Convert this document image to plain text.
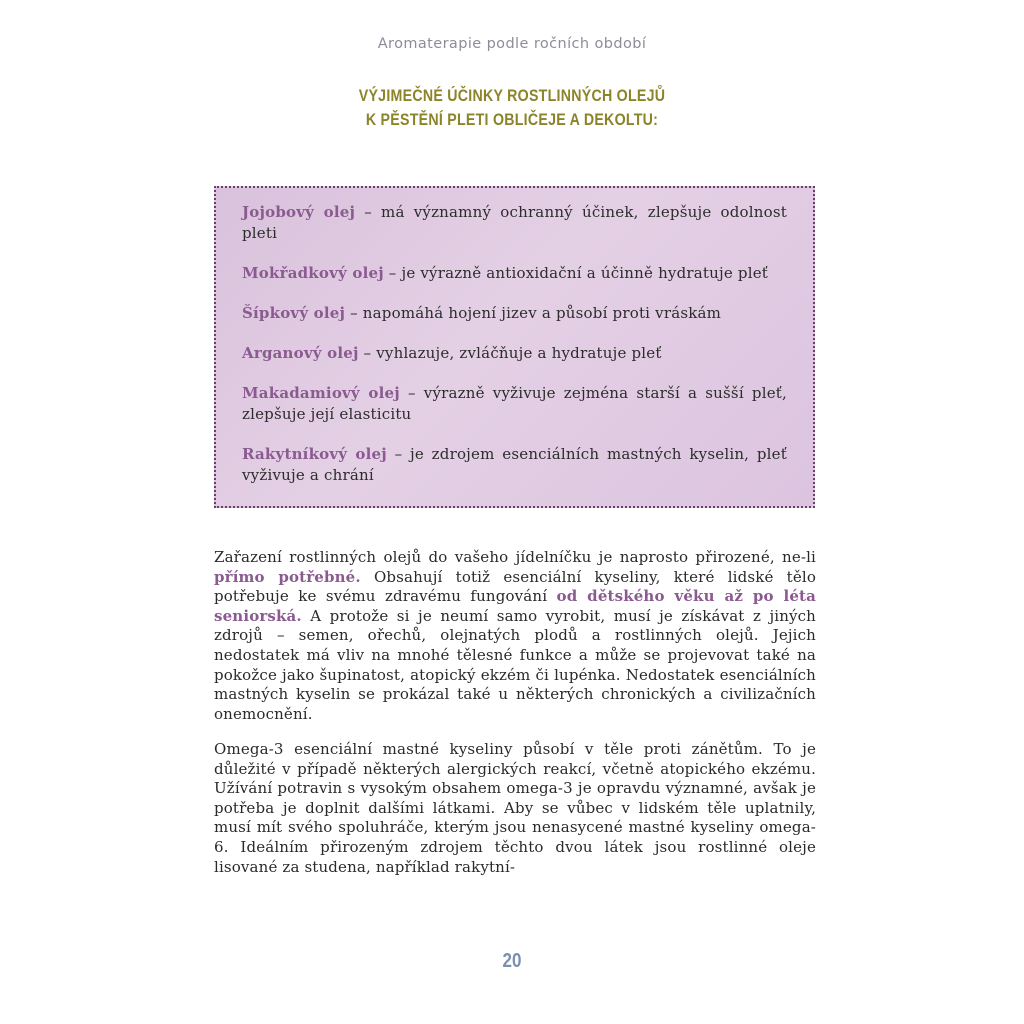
Aromaterapie podle ročních období
VÝJIMEČNÉ ÚČINKY ROSTLINNÝCH OLEJŮ
K PĚSTĚNÍ PLETI OBLIČEJE A DEKOLTU:

Jojobový olej – má významný ochranný účinek, zlepšuje odolnost pleti

Mokřadkový olej – je výrazně antioxidační a účinně hydratuje pleť

Šípkový olej – napomáhá hojení jizev a působí proti vráskám

Arganový olej – vyhlazuje, zvláčňuje a hydratuje pleť

Makadamiový olej – výrazně vyživuje zejména starší a sušší pleť, zlepšuje její elasticitu

Rakytníkový olej – je zdrojem esenciálních mastných kyselin, pleť vyživuje a chrání

Zařazení rostlinných olejů do vašeho jídelníčku je naprosto přirozené, ne-li přímo potřebné. Obsahují totiž esenciální kyseliny, které lidské tělo potřebuje ke svému zdravému fungování od dětského věku až po léta seniorská. A protože si je neumí samo vyrobit, musí je získávat z jiných zdrojů – semen, ořechů, olejnatých plodů a rostlinných olejů. Jejich nedostatek má vliv na mnohé tělesné funkce a může se projevovat také na pokožce jako šupinatost, atopický ekzém či lupénka. Nedostatek esenciálních mastných kyselin se prokázal také u některých chronických a civilizačních onemocnění.
Omega-3 esenciální mastné kyseliny působí v těle proti zánětům. To je důležité v případě některých alergických reakcí, včetně atopického ekzému. Užívání potravin s vysokým obsahem omega-3 je opravdu významné, avšak je potřeba je doplnit dalšími látkami. Aby se vůbec v lidském těle uplatnily, musí mít svého spoluhráče, kterým jsou nenasycené mastné kyseliny omega-6. Ideálním přirozeným zdrojem těchto dvou látek jsou rostlinné oleje lisované za studena, například rakytní-
20
